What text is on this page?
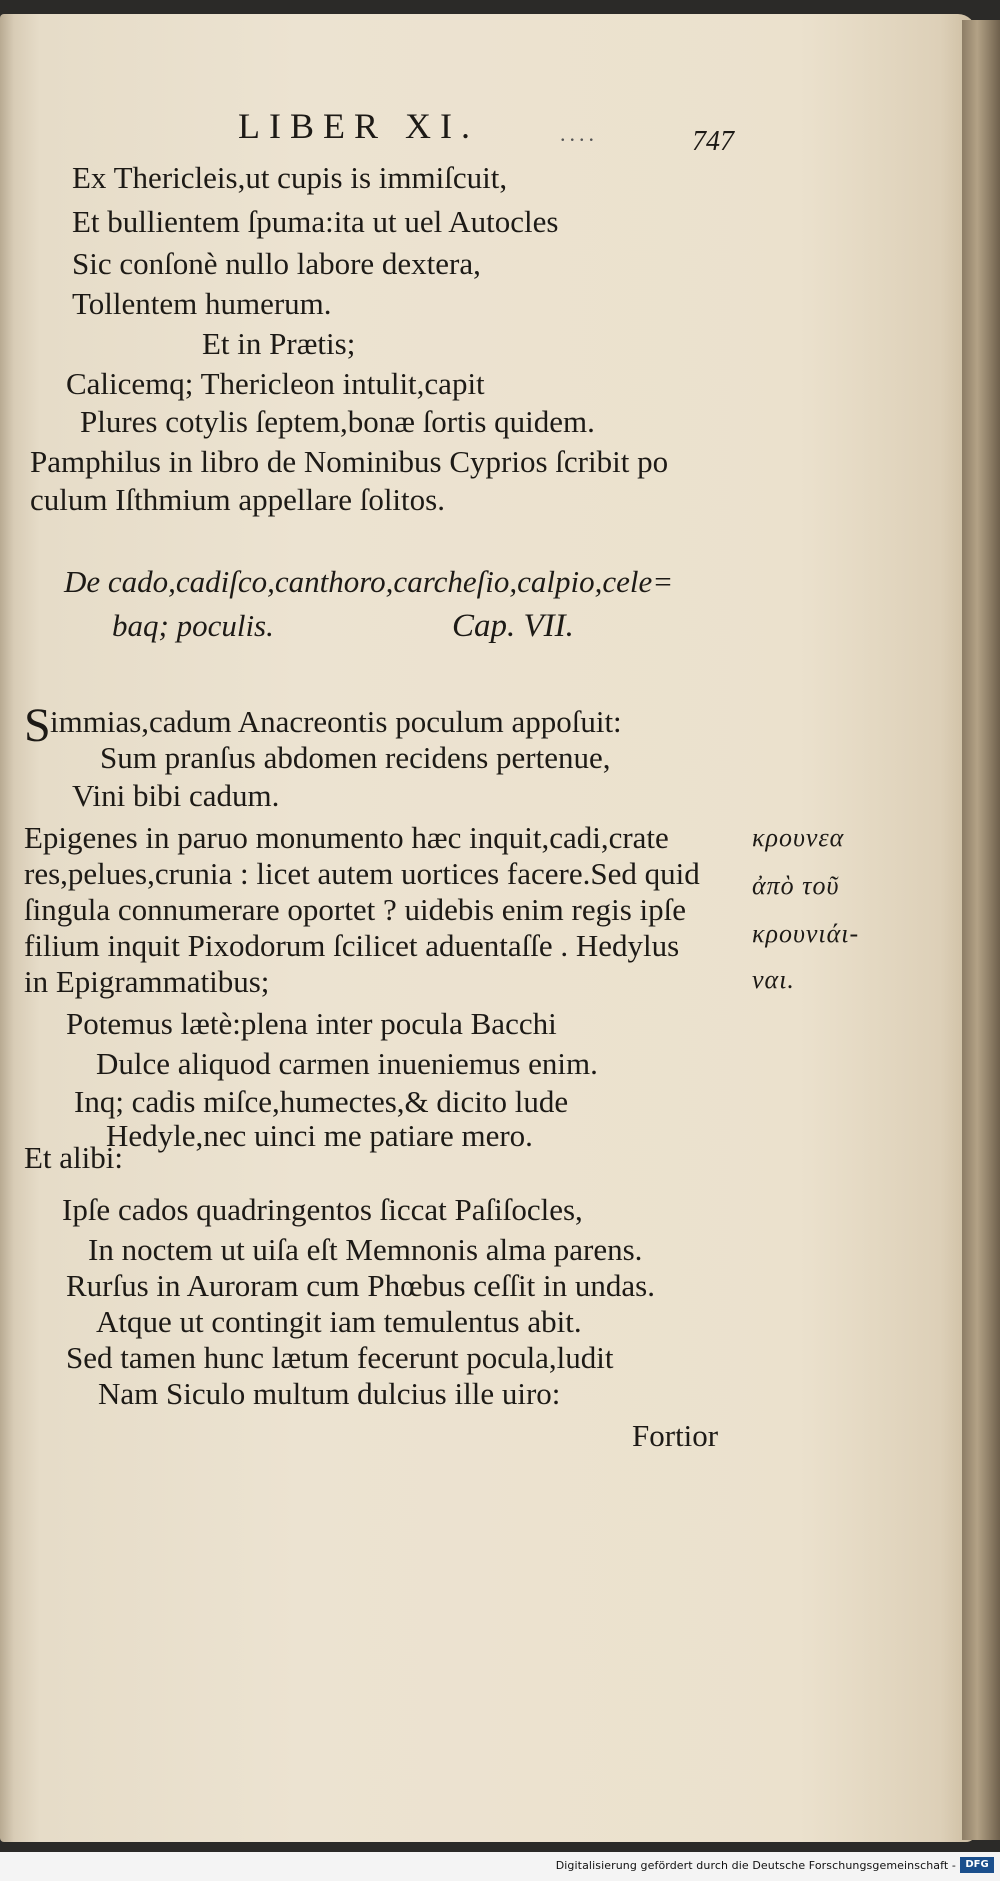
LIBER XI.	....	747
Ex Thericleis,ut cupis is immiſcuit,
Et bullientem ſpuma:ita ut uel Autocles
Sic conſonè nullo labore dextera,
Tollentem humerum.
Et in Prætis;
Calicemq; Thericleon intulit,capit
Plures cotylis ſeptem,bonæ ſortis quidem.
Pamphilus in libro de Nominibus Cyprios ſcribit po
culum Iſthmium appellare ſolitos.
De cado,cadiſco,canthoro,carcheſio,calpio,cele=
baq; poculis.	Cap. VII.
S immias,cadum Anacreontis poculum appoſuit:
Sum pranſus abdomen recidens pertenue,
Vini bibi cadum.
Epigenes in paruo monumento hæc inquit,cadi,crate
res,pelues,crunia : licet autem uortices facere.Sed quid
ſingula connumerare oportet ? uidebis enim regis ipſe
filium inquit Pixodorum ſcilicet aduentaſſe . Hedylus
in Epigrammatibus;
Potemus lætè:plena inter pocula Bacchi
Dulce aliquod carmen inueniemus enim.
Inq; cadis miſce,humectes,& dicito lude
Hedyle,nec uinci me patiare mero.
Et alibi:
Ipſe cados quadringentos ſiccat Paſiſocles,
In noctem ut uiſa eſt Memnonis alma parens.
Rurſus in Auroram cum Phœbus ceſſit in undas.
Atque ut contingit iam temulentus abit.
Sed tamen hunc lætum fecerunt pocula,ludit
Nam Siculo multum dulcius ille uiro:
Fortior
κρουνεα
ἀπὸ τοῦ
κρουνιάι-
ναι.
Digitalisierung gefördert durch die Deutsche Forschungsgemeinschaft - DFG
